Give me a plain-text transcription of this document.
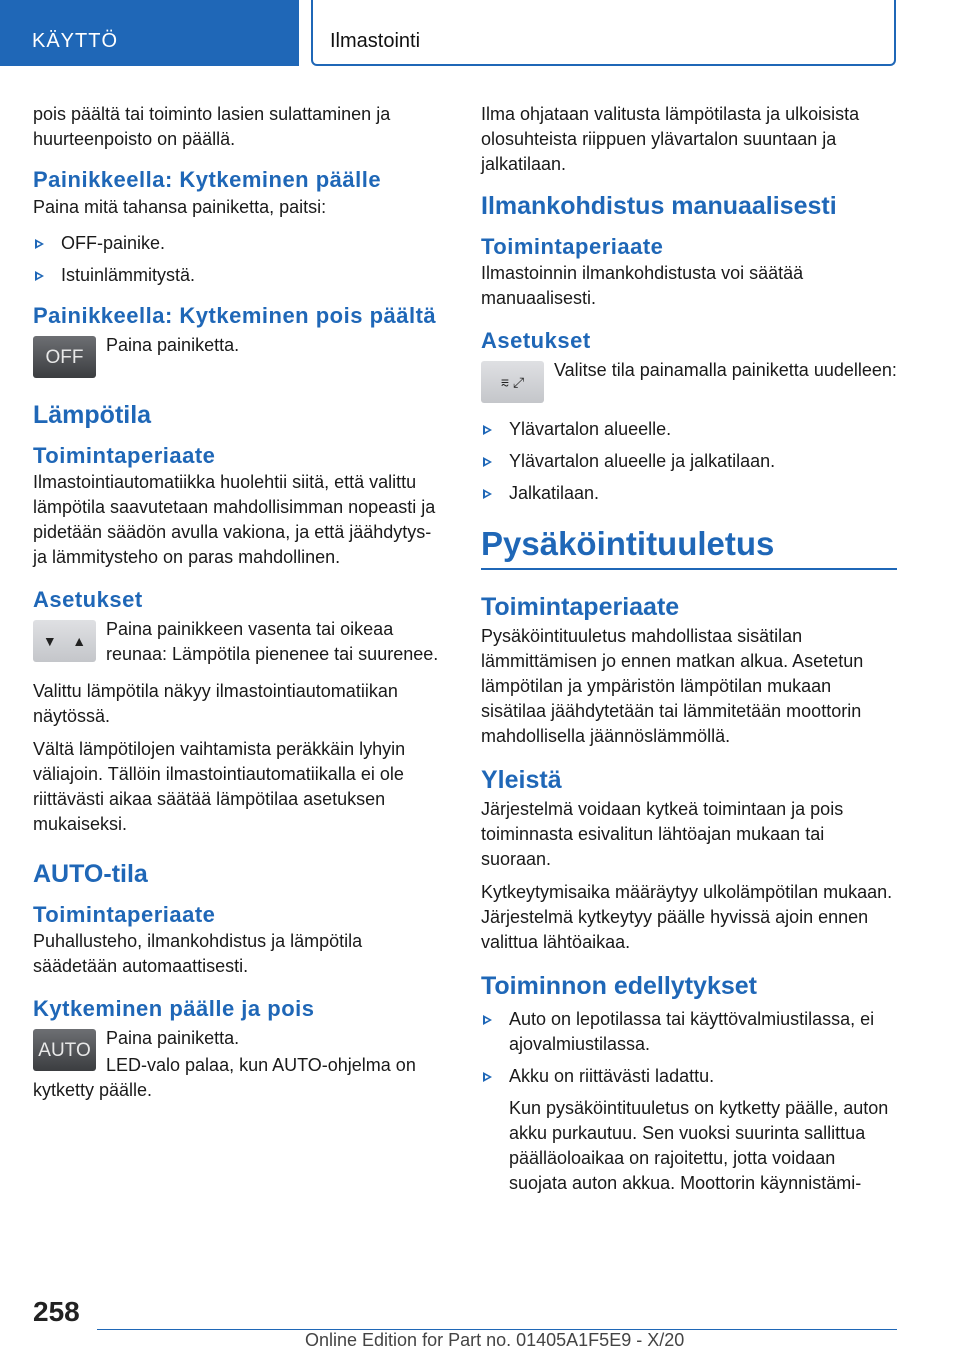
KÄYTTÖ	Ilmastointi

pois päältä tai toiminto lasien sulattaminen ja huurteenpoisto on päällä.

Painikkeella: Kytkeminen päälle

Paina mitä tahansa painiketta, paitsi:

OFF-painike.
Istuinlämmitystä.
Painikkeella: Kytkeminen pois päältä
OFF
Paina painiketta.
Lämpötila
Toimintaperiaate

Ilmastointiautomatiikka huolehtii siitä, että valittu lämpötila saavutetaan mahdollisimman nopeasti ja pidetään säädön avulla vakiona, ja että jäähdytys- ja lämmitysteho on paras mahdollinen.

Asetukset
▼    ▲
Paina painikkeen vasenta tai oikeaa reunaa: Lämpötila pienenee tai suurenee.

Valittu lämpötila näkyy ilmastointiautomatiikan näytössä.

Vältä lämpötilojen vaihtamista peräkkäin lyhyin väliajoin. Tällöin ilmastointiautomatiikalla ei ole riittävästi aikaa säätää lämpötilaa asetuksen mukaiseksi.

AUTO-tila
Toimintaperiaate

Puhallusteho, ilmankohdistus ja lämpötila säädetään automaattisesti.

Kytkeminen päälle ja pois
AUTO
Paina painiketta.

LED-valo palaa, kun AUTO-ohjelma on kytketty päälle.

Ilma ohjataan valitusta lämpötilasta ja ulkoisista olosuhteista riippuen ylävartalon suuntaan ja jalkatilaan.

Ilmankohdistus manuaalisesti
Toimintaperiaate

Ilmastoinnin ilmankohdistusta voi säätää manuaalisesti.

Asetukset
⩳ ⤢
Valitse tila painamalla painiketta uudelleen:
Ylävartalon alueelle.
Ylävartalon alueelle ja jalkatilaan.
Jalkatilaan.
Pysäköintituuletus
Toimintaperiaate

Pysäköintituuletus mahdollistaa sisätilan lämmittämisen jo ennen matkan alkua. Asetetun lämpötilan ja ympäristön lämpötilan mukaan sisätilaa jäähdytetään tai lämmitetään moottorin mahdollisella jäännöslämmöllä.

Yleistä

Järjestelmä voidaan kytkeä toimintaan ja pois toiminnasta esivalitun lähtöajan mukaan tai suoraan.

Kytkeytymisaika määräytyy ulkolämpötilan mukaan. Järjestelmä kytkeytyy päälle hyvissä ajoin ennen valittua lähtöaikaa.

Toiminnon edellytykset
Auto on lepotilassa tai käyttövalmiustilassa, ei ajovalmiustilassa.
Akku on riittävästi ladattu.

Kun pysäköintituuletus on kytketty päälle, auton akku purkautuu. Sen vuoksi suurinta sallittua päälläoloaikaa on rajoitettu, jotta voidaan suojata auton akkua. Moottorin käynnistämi-

258
Online Edition for Part no. 01405A1F5E9 - X/20
